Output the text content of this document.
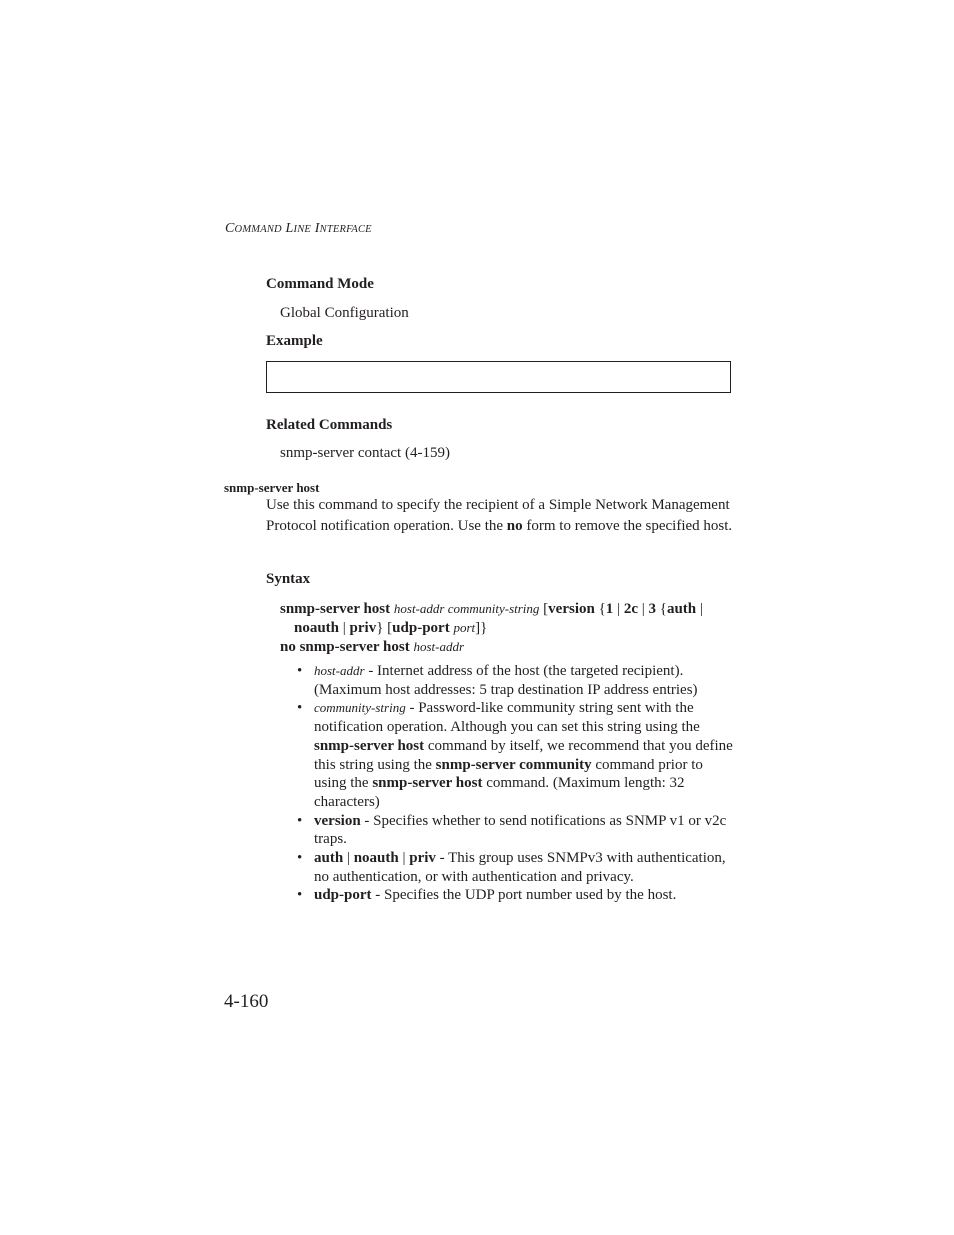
COMMAND LINE INTERFACE
Command Mode
Global Configuration
Example
Related Commands
snmp-server contact (4-159)
snmp-server host
Use this command to specify the recipient of a Simple Network Management Protocol notification operation. Use the no form to remove the specified host.
Syntax
snmp-server host host-addr community-string [version {1 | 2c | 3 {auth |
noauth | priv} [udp-port port]}
no snmp-server host host-addr
• host-addr - Internet address of the host (the targeted recipient). (Maximum host addresses: 5 trap destination IP address entries)
• community-string - Password-like community string sent with the notification operation. Although you can set this string using the snmp-server host command by itself, we recommend that you define this string using the snmp-server community command prior to using the snmp-server host command. (Maximum length: 32 characters)
• version - Specifies whether to send notifications as SNMP v1 or v2c traps.
• auth | noauth | priv - This group uses SNMPv3 with authentication, no authentication, or with authentication and privacy.
• udp-port - Specifies the UDP port number used by the host.
4-160
